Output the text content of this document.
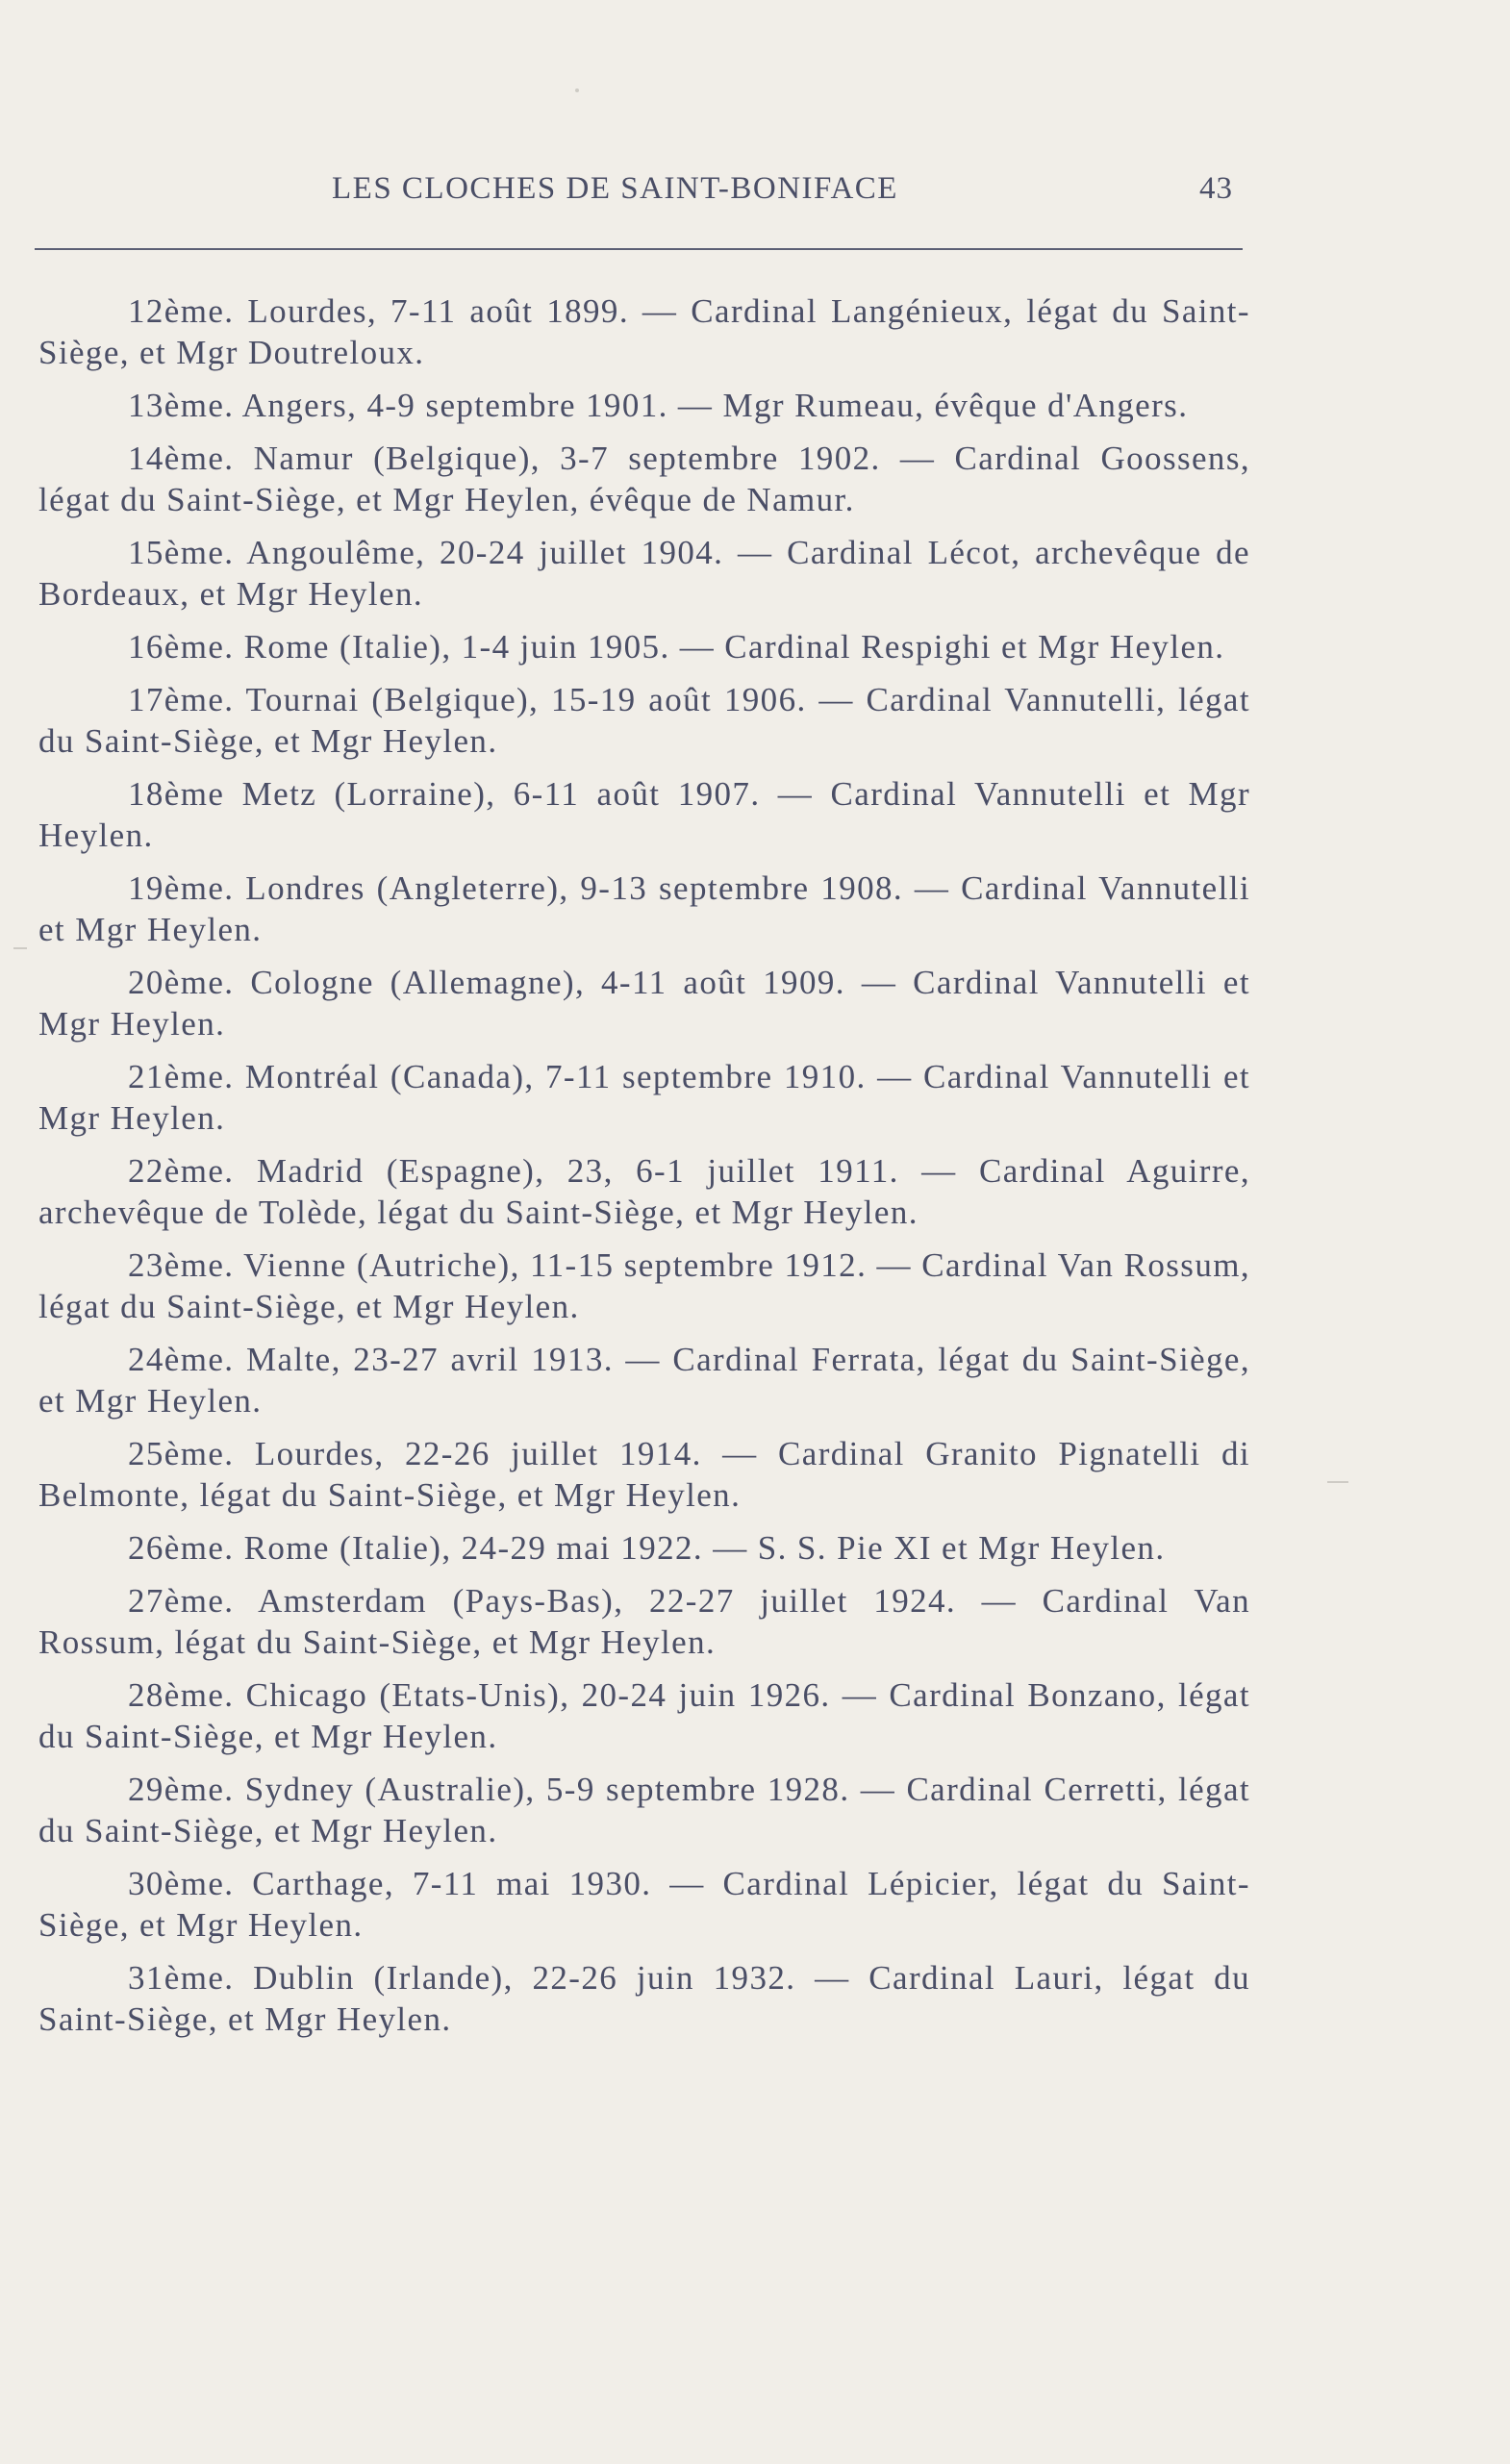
LES CLOCHES DE SAINT-BONIFACE	43

12ème. Lourdes, 7-11 août 1899. — Cardinal Langénieux, légat du Saint-Siège, et Mgr Doutreloux.

13ème. Angers, 4-9 septembre 1901. — Mgr Rumeau, évêque d'Angers.

14ème. Namur (Belgique), 3-7 septembre 1902. — Cardinal Goossens, légat du Saint-Siège, et Mgr Heylen, évêque de Namur.

15ème. Angoulême, 20-24 juillet 1904. — Cardinal Lécot, archevêque de Bordeaux, et Mgr Heylen.

16ème. Rome (Italie), 1-4 juin 1905. — Cardinal Respighi et Mgr Heylen.

17ème. Tournai (Belgique), 15-19 août 1906. — Cardinal Vannutelli, légat du Saint-Siège, et Mgr Heylen.

18ème Metz (Lorraine), 6-11 août 1907. — Cardinal Vannutelli et Mgr Heylen.

19ème. Londres (Angleterre), 9-13 septembre 1908. — Cardinal Vannutelli et Mgr Heylen.

20ème. Cologne (Allemagne), 4-11 août 1909. — Cardinal Vannutelli et Mgr Heylen.

21ème. Montréal (Canada), 7-11 septembre 1910. — Cardinal Vannutelli et Mgr Heylen.

22ème. Madrid (Espagne), 23, 6-1 juillet 1911. — Cardinal Aguirre, archevêque de Tolède, légat du Saint-Siège, et Mgr Heylen.

23ème. Vienne (Autriche), 11-15 septembre 1912. — Cardinal Van Rossum, légat du Saint-Siège, et Mgr Heylen.

24ème. Malte, 23-27 avril 1913. — Cardinal Ferrata, légat du Saint-Siège, et Mgr Heylen.

25ème. Lourdes, 22-26 juillet 1914. — Cardinal Granito Pignatelli di Belmonte, légat du Saint-Siège, et Mgr Heylen.

26ème. Rome (Italie), 24-29 mai 1922. — S. S. Pie XI et Mgr Heylen.

27ème. Amsterdam (Pays-Bas), 22-27 juillet 1924. — Cardinal Van Rossum, légat du Saint-Siège, et Mgr Heylen.

28ème. Chicago (Etats-Unis), 20-24 juin 1926. — Cardinal Bonzano, légat du Saint-Siège, et Mgr Heylen.

29ème. Sydney (Australie), 5-9 septembre 1928. — Cardinal Cerretti, légat du Saint-Siège, et Mgr Heylen.

30ème. Carthage, 7-11 mai 1930. — Cardinal Lépicier, légat du Saint-Siège, et Mgr Heylen.

31ème. Dublin (Irlande), 22-26 juin 1932. — Cardinal Lauri, légat du Saint-Siège, et Mgr Heylen.
